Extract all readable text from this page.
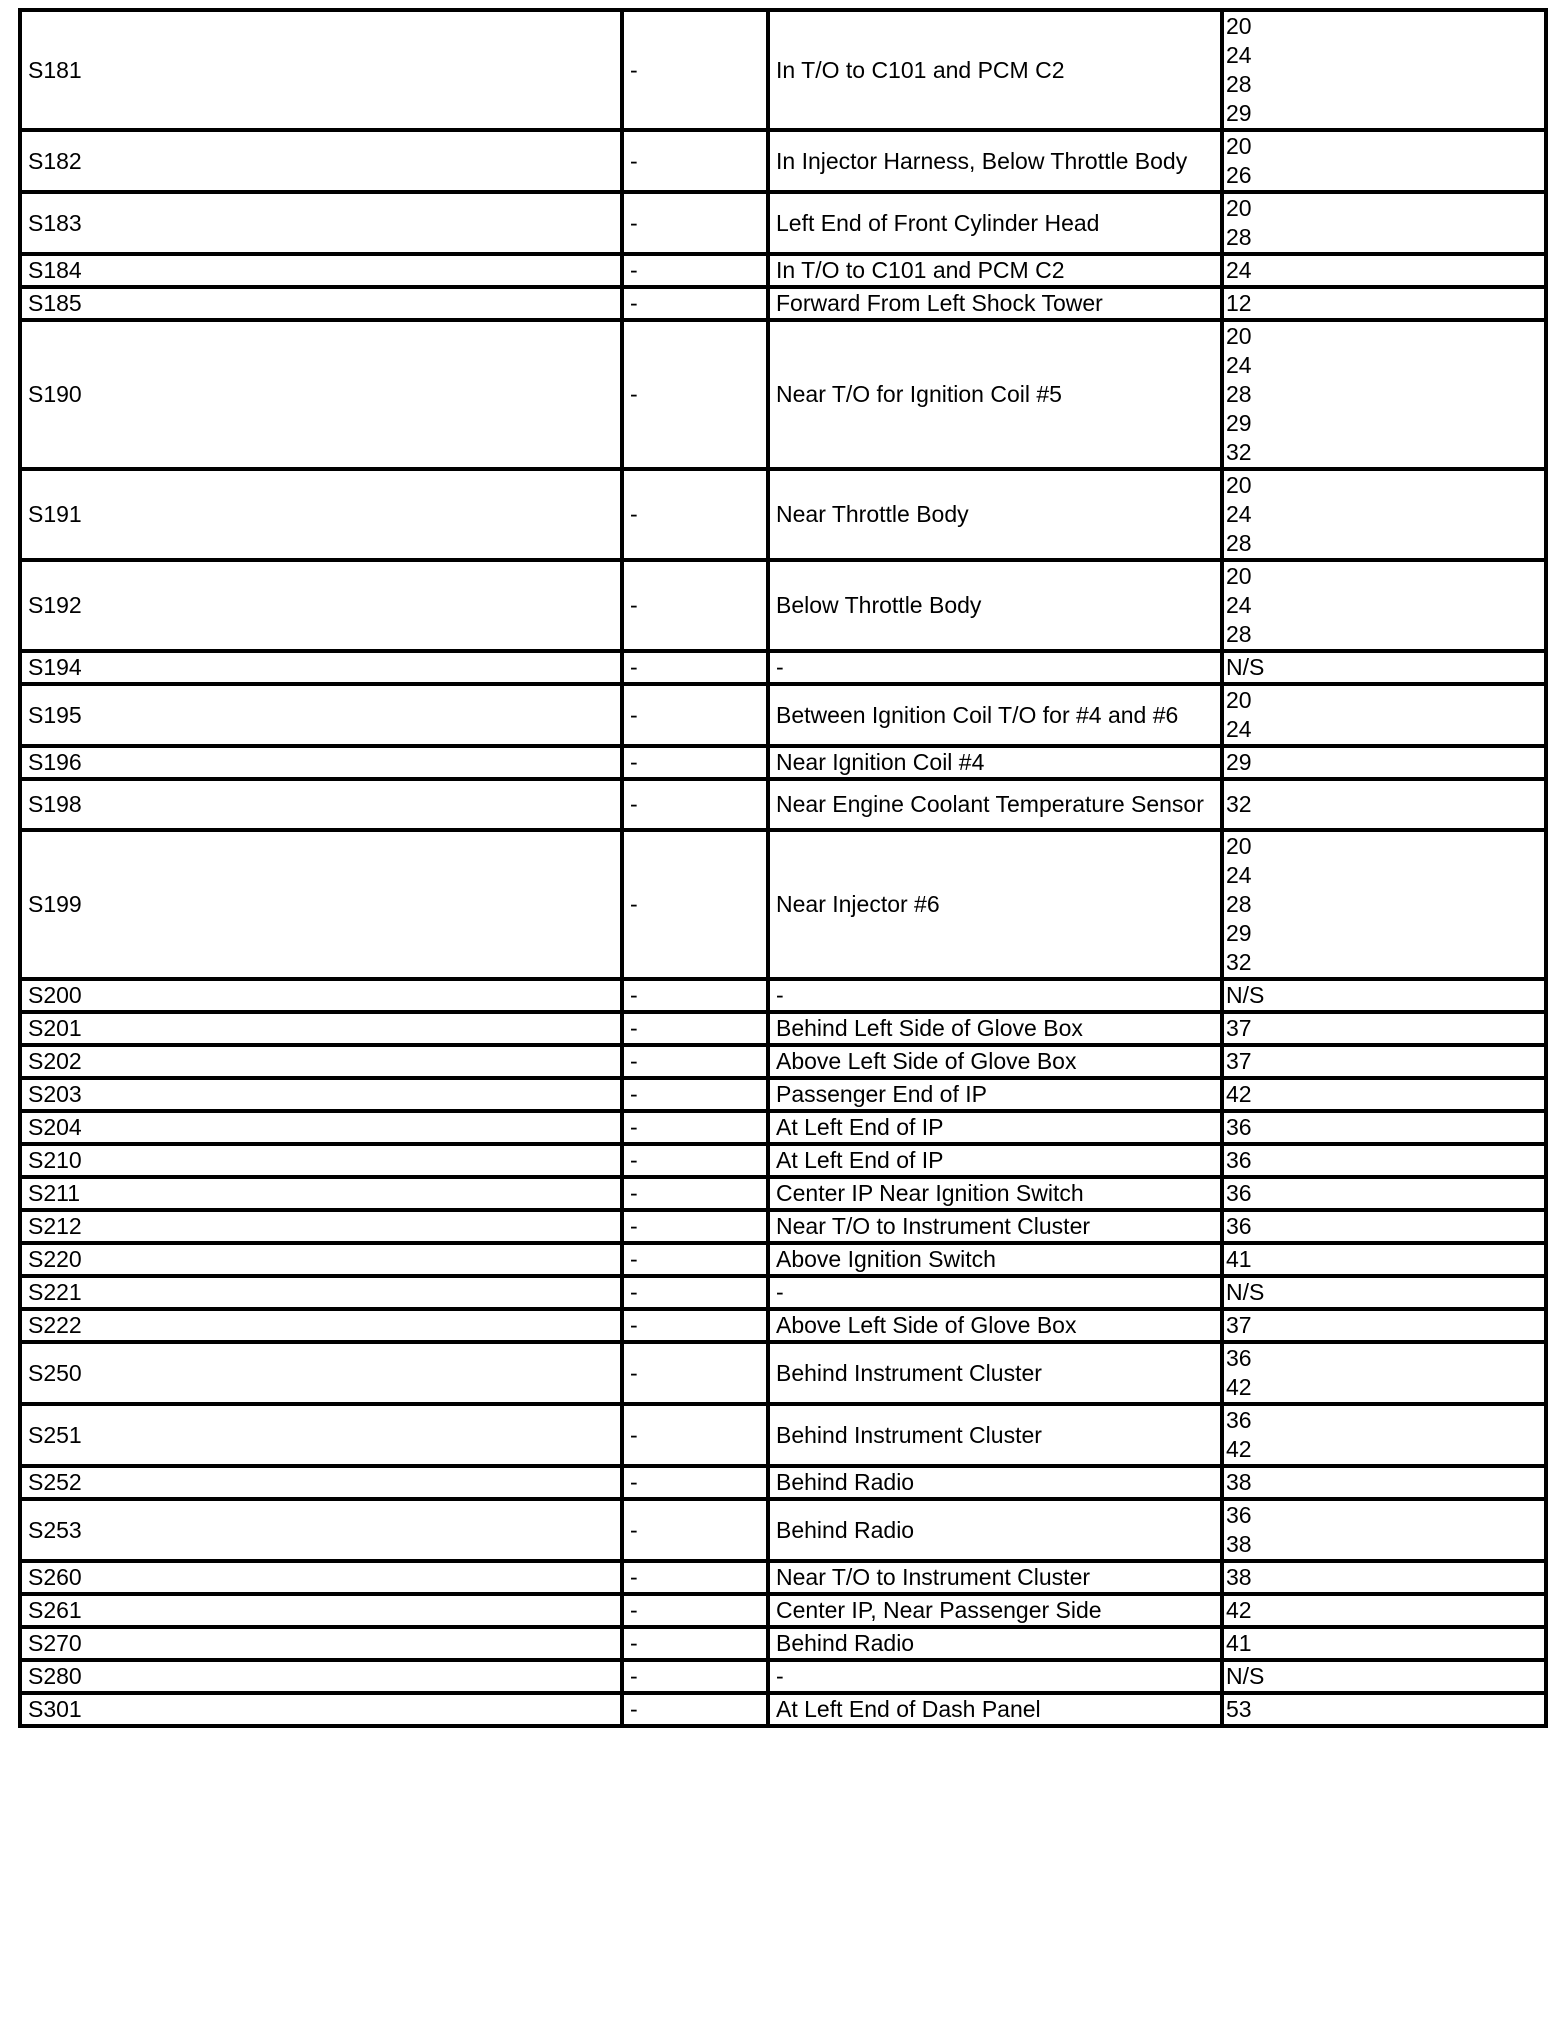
S181	-	In T/O to C101 and PCM C2	20
24
28
29

S182	-	In Injector Harness, Below Throttle Body	20
26

S183	-	Left End of Front Cylinder Head	20
28

S184	-	In T/O to C101 and PCM C2	24

S185	-	Forward From Left Shock Tower	12

S190	-	Near T/O for Ignition Coil #5	20
24
28
29
32

S191	-	Near Throttle Body	20
24
28

S192	-	Below Throttle Body	20
24
28

S194	-	-	N/S

S195	-	Between Ignition Coil T/O for #4 and #6	20
24

S196	-	Near Ignition Coil #4	29

S198	-	Near Engine Coolant Temperature Sensor	32

S199	-	Near Injector #6	20
24
28
29
32

S200	-	-	N/S

S201	-	Behind Left Side of Glove Box	37

S202	-	Above Left Side of Glove Box	37

S203	-	Passenger End of IP	42

S204	-	At Left End of IP	36

S210	-	At Left End of IP	36

S211	-	Center IP Near Ignition Switch	36

S212	-	Near T/O to Instrument Cluster	36

S220	-	Above Ignition Switch	41

S221	-	-	N/S

S222	-	Above Left Side of Glove Box	37

S250	-	Behind Instrument Cluster	36
42

S251	-	Behind Instrument Cluster	36
42

S252	-	Behind Radio	38

S253	-	Behind Radio	36
38

S260	-	Near T/O to Instrument Cluster	38

S261	-	Center IP, Near Passenger Side	42

S270	-	Behind Radio	41

S280	-	-	N/S

S301	-	At Left End of Dash Panel	53
